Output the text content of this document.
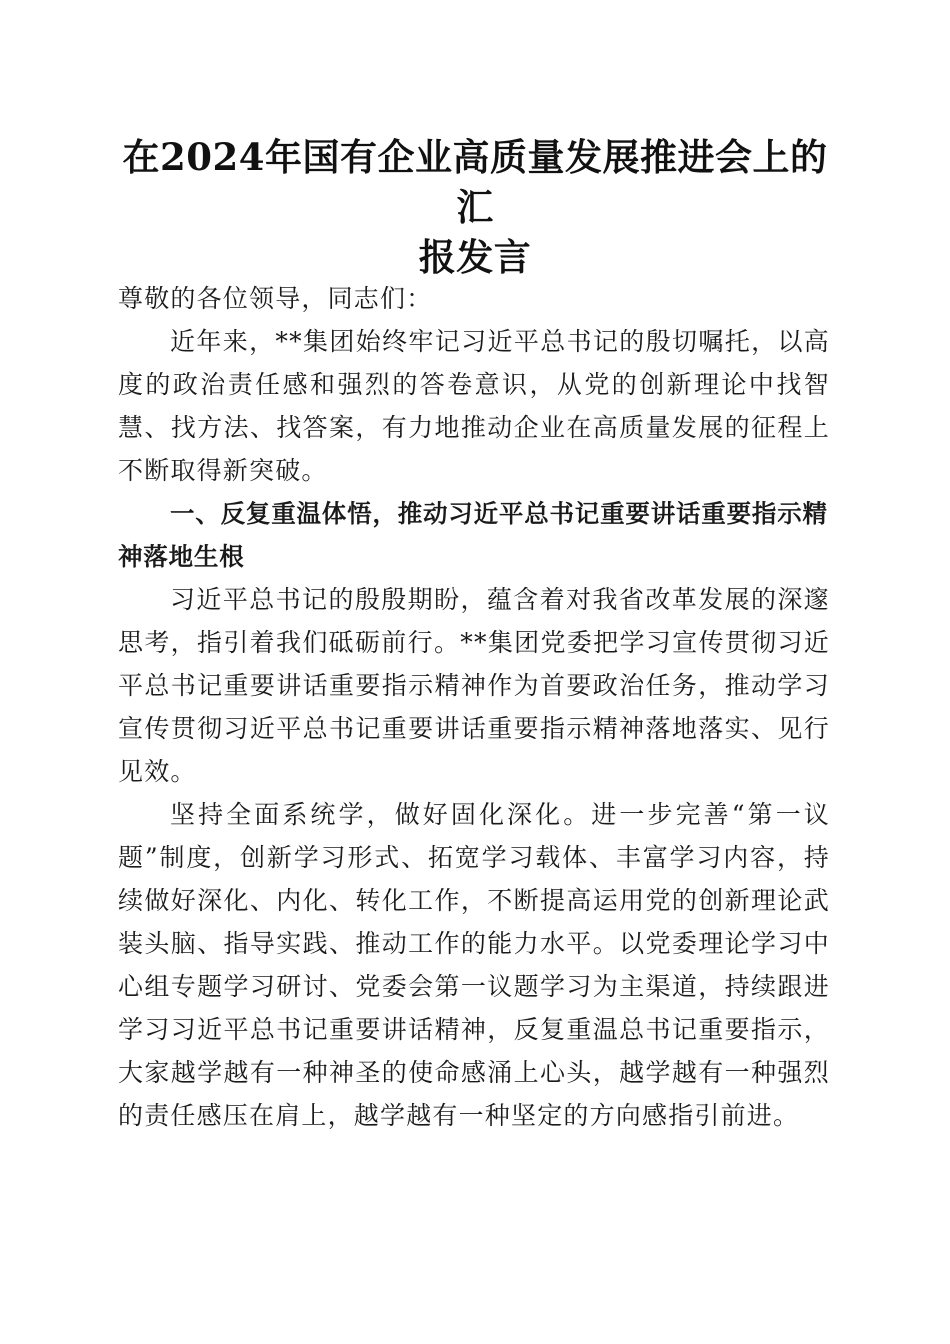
在2024年国有企业高质量发展推进会上的汇
报发言

尊敬的各位领导，同志们：

近年来，**集团始终牢记习近平总书记的殷切嘱托，以高度的政治责任感和强烈的答卷意识，从党的创新理论中找智慧、找方法、找答案，有力地推动企业在高质量发展的征程上不断取得新突破。

一、反复重温体悟，推动习近平总书记重要讲话重要指示精神落地生根

习近平总书记的殷殷期盼，蕴含着对我省改革发展的深邃思考，指引着我们砥砺前行。**集团党委把学习宣传贯彻习近平总书记重要讲话重要指示精神作为首要政治任务，推动学习宣传贯彻习近平总书记重要讲话重要指示精神落地落实、见行见效。

坚持全面系统学，做好固化深化。进一步完善“第一议题”制度，创新学习形式、拓宽学习载体、丰富学习内容，持续做好深化、内化、转化工作，不断提高运用党的创新理论武装头脑、指导实践、推动工作的能力水平。以党委理论学习中心组专题学习研讨、党委会第一议题学习为主渠道，持续跟进学习习近平总书记重要讲话精神，反复重温总书记重要指示，大家越学越有一种神圣的使命感涌上心头，越学越有一种强烈的责任感压在肩上，越学越有一种坚定的方向感指引前进。
